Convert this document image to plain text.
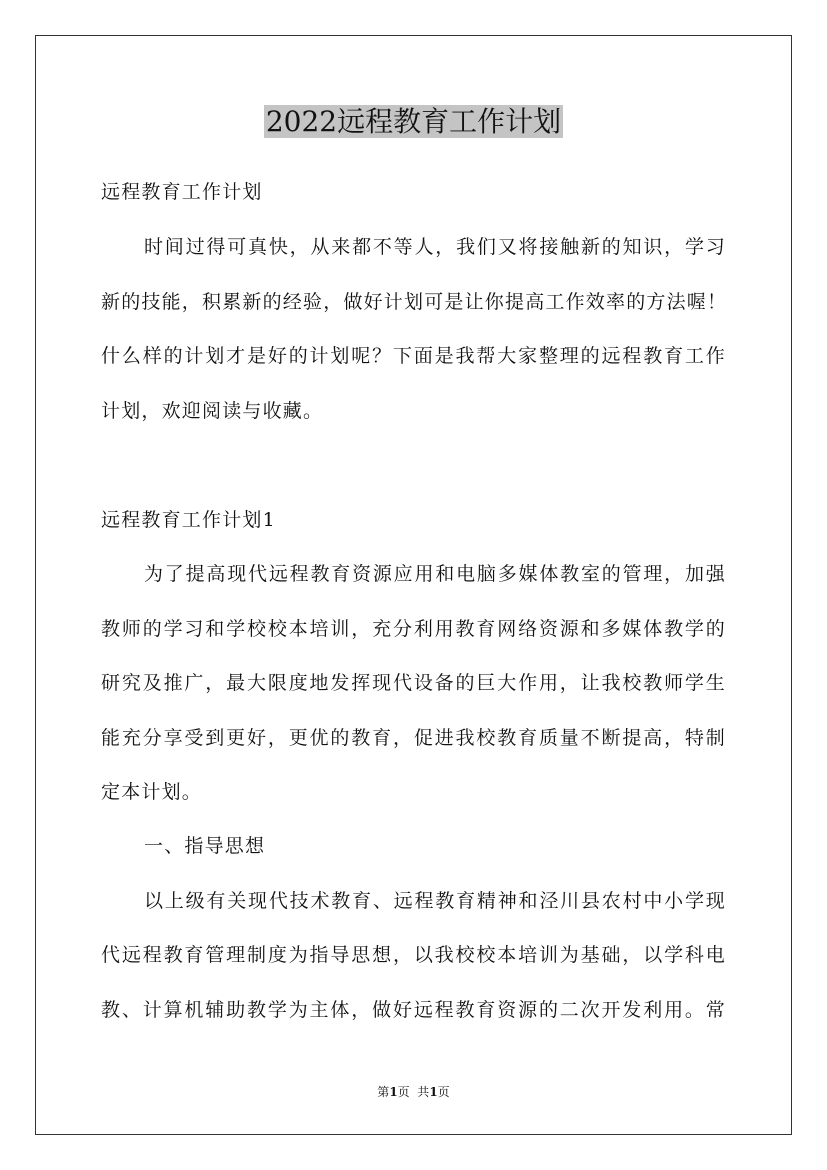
2022远程教育工作计划

远程教育工作计划

时间过得可真快，从来都不等人，我们又将接触新的知识，学习

新的技能，积累新的经验，做好计划可是让你提高工作效率的方法喔！

什么样的计划才是好的计划呢？下面是我帮大家整理的远程教育工作

计划，欢迎阅读与收藏。

远程教育工作计划1

为了提高现代远程教育资源应用和电脑多媒体教室的管理，加强

教师的学习和学校校本培训，充分利用教育网络资源和多媒体教学的

研究及推广，最大限度地发挥现代设备的巨大作用，让我校教师学生

能充分享受到更好，更优的教育，促进我校教育质量不断提高，特制

定本计划。

一、指导思想

以上级有关现代技术教育、远程教育精神和泾川县农村中小学现

代远程教育管理制度为指导思想，以我校校本培训为基础，以学科电

教、计算机辅助教学为主体，做好远程教育资源的二次开发利用。常

第1页  共1页
